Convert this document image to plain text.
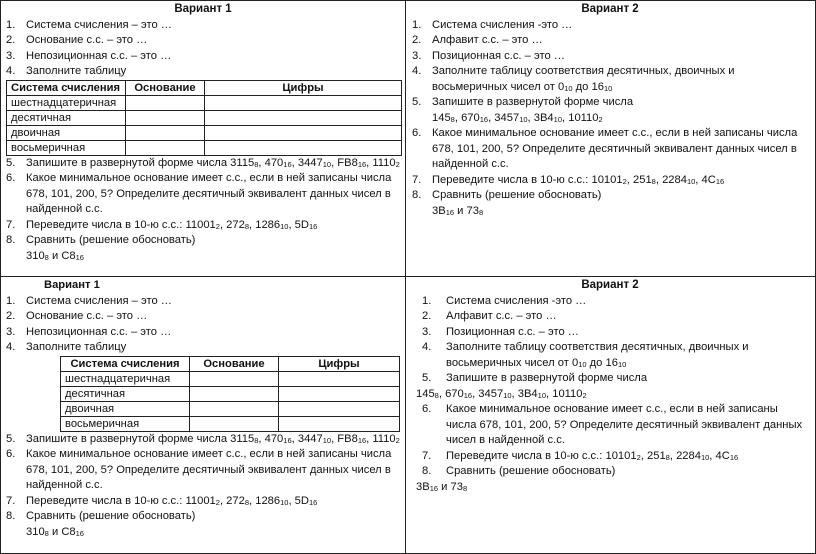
Вариант 1
1. Система счисления – это …
2. Основание с.с. – это …
3. Непозиционная с.с. – это …
4. Заполните таблицу
Система счисления	Основание	Цифры
шестнадцатеричная		
десятичная		
двоичная		
восьмеричная		
5. Запишите в развернутой форме числа $3115_8$, $470_{16}$, $3447_{10}$, $FB8_{16}$, $1110_2$
6. Какое минимальное основание имеет с.с., если в ней записаны числа 678, 101, 200, 5? Определите десятичный эквивалент данных чисел в найденной с.с.
7. Переведите числа в 10-ю с.с.: $11001_2$, $272_8$, $1286_{10}$, $5D_{16}$
8. Сравнить (решение обосновать)
$310_8$ и $C8_{16}$
Вариант 2
1. Система счисления -это …
2. Алфавит с.с. – это …
3. Позиционная с.с. – это …
4. Заполните таблицу соответствия десятичных, двоичных и восьмеричных чисел от $0_{10}$ до $16_{10}$
5. Запишите в развернутой форме числа
$145_8$, $670_{16}$, $3457_{10}$, $3B4_{10}$, $10110_2$
6. Какое минимальное основание имеет с.с., если в ней записаны числа 678, 101, 200, 5? Определите десятичный эквивалент данных чисел в найденной с.с.
7. Переведите числа в 10-ю с.с.: $10101_2$, $251_8$, $2284_{10}$, $4C_{16}$
8. Сравнить (решение обосновать)
$3B_{16}$ и $73_8$
Вариант 1
1. Система счисления – это …
2. Основание с.с. – это …
3. Непозиционная с.с. – это …
4. Заполните таблицу
Система счисления	Основание	Цифры
шестнадцатеричная		
десятичная		
двоичная		
восьмеричная		
5. Запишите в развернутой форме числа $3115_8$, $470_{16}$, $3447_{10}$, $FB8_{16}$, $1110_2$
6. Какое минимальное основание имеет с.с., если в ней записаны числа 678, 101, 200, 5? Определите десятичный эквивалент данных чисел в найденной с.с.
7. Переведите числа в 10-ю с.с.: $11001_2$, $272_8$, $1286_{10}$, $5D_{16}$
8. Сравнить (решение обосновать)
$310_8$ и $C8_{16}$
Вариант 2
1. Система счисления -это …
2. Алфавит с.с. – это …
3. Позиционная с.с. – это …
4. Заполните таблицу соответствия десятичных, двоичных и восьмеричных чисел от $0_{10}$ до $16_{10}$
5. Запишите в развернутой форме числа
$145_8$, $670_{16}$, $3457_{10}$, $3B4_{10}$, $10110_2$
6. Какое минимальное основание имеет с.с., если в ней записаны числа 678, 101, 200, 5? Определите десятичный эквивалент данных чисел в найденной с.с.
7. Переведите числа в 10-ю с.с.: $10101_2$, $251_8$, $2284_{10}$, $4C_{16}$
8. Сравнить (решение обосновать)
$3B_{16}$ и $73_8$
